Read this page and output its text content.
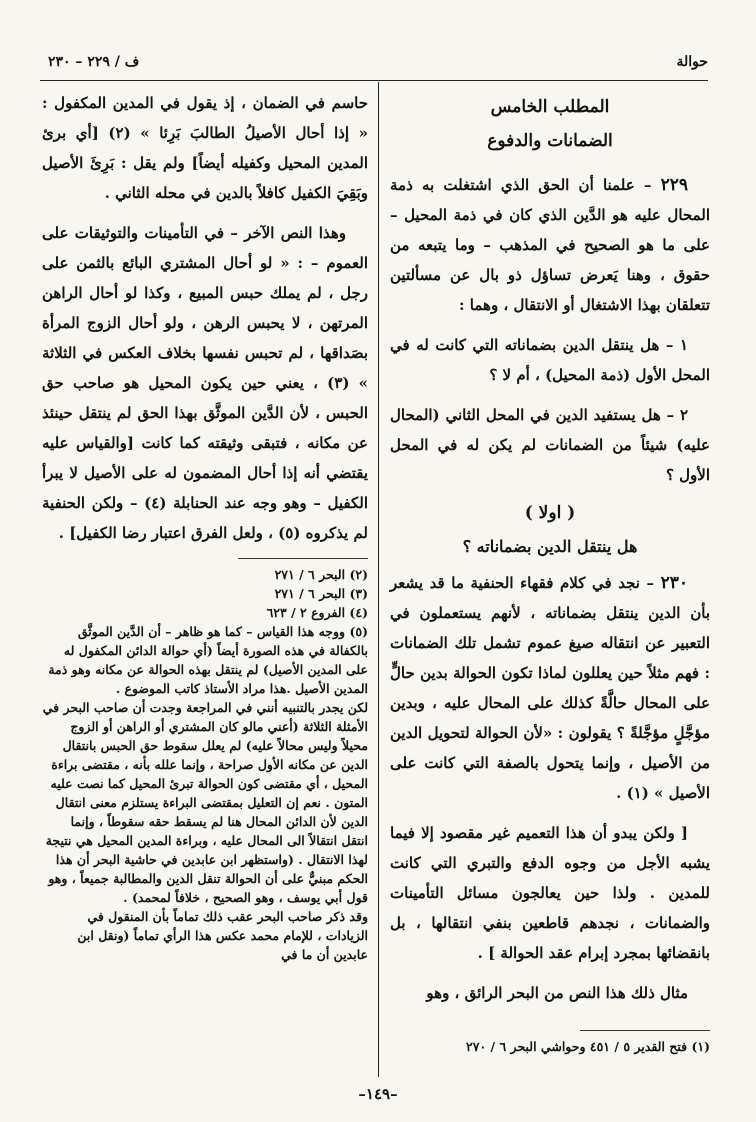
حوالة
ف / ٢٢٩ – ٢٣٠
المطلب الخامس
الضمانات والدفوع

٢٢٩ – علمنا أن الحق الذي اشتغلت به ذمة المحال عليه هو الدَّين الذي كان في ذمة المحيل – على ما هو الصحيح في المذهب – وما يتبعه من حقوق ، وهنا يَعرض تساؤل ذو بال عن مسألتين تتعلقان بهذا الاشتغال أو الانتقال ، وهما :

١ – هل ينتقل الدين بضماناته التي كانت له في المحل الأول (ذمة المحيل) ، أم لا ؟

٢ – هل يستفيد الدين في المحل الثاني (المحال عليه) شيئاً من الضمانات لم يكن له في المحل الأول ؟

( اولا )
هل ينتقل الدين بضماناته ؟

٢٣٠ – نجد في كلام فقهاء الحنفية ما قد يشعر بأن الدين ينتقل بضماناته ، لأنهم يستعملون في التعبير عن انتقاله صيغ عموم تشمل تلك الضمانات : فهم مثلاً حين يعللون لماذا تكون الحوالة بدين حالٍّ على المحال حالَّةً كذلك على المحال عليه ، وبدين مؤجَّلٍ مؤجَّلةً ؟ يقولون : «لأن الحوالة لتحويل الدين من الأصيل ، وإنما يتحول بالصفة التي كانت على الأصيل » (١) .

[ ولكن يبدو أن هذا التعميم غير مقصود إلا فيما يشبه الأجل من وجوه الدفع والتبري التي كانت للمدين . ولذا حين يعالجون مسائل التأمينات والضمانات ، نجدهم قاطعين بنفي انتقالها ، بل بانقضائها بمجرد إبرام عقد الحوالة ] .

مثال ذلك هذا النص من البحر الرائق ، وهو

(١) فتح القدير ٥ / ٤٥١ وحواشي البحر ٦ / ٢٧٠

حاسم في الضمان ، إذ يقول في المدين المكفول : « إذا أحال الأصيلُ الطالبَ بَرِئا » (٢) [أي برئ المدين المحيل وكفيله أيضاً] ولم يقل : بَرِئَ الأصيل وبَقِيَ الكفيل كافلاً بالدين في محله الثاني .

وهذا النص الآخر – في التأمينات والتوثيقات على العموم – : « لو أحال المشتري البائع بالثمن على رجل ، لم يملك حبس المبيع ، وكذا لو أحال الراهن المرتهن ، لا يحبس الرهن ، ولو أحال الزوج المرأة بصَداقها ، لم تحبس نفسها بخلاف العكس في الثلاثة » (٣) ، يعني حين يكون المحيل هو صاحب حق الحبس ، لأن الدَّين الموثَّق بهذا الحق لم ينتقل حينئذ عن مكانه ، فتبقى وثيقته كما كانت [والقياس عليه يقتضي أنه إذا أحال المضمون له على الأصيل لا يبرأ الكفيل – وهو وجه عند الحنابلة (٤) – ولكن الحنفية لم يذكروه (٥) ، ولعل الفرق اعتبار رضا الكفيل] .

(٢) البحر ٦ / ٢٧١
(٣) البحر ٦ / ٢٧١
(٤) الفروع ٢ / ٦٢٣
(٥) ووجه هذا القياس – كما هو ظاهر – أن الدَّين الموثَّق بالكفالة في هذه الصورة أيضاً (أي حوالة الدائن المكفول له على المدين الأصيل) لم ينتقل بهذه الحوالة عن مكانه وهو ذمة المدين الأصيل .هذا مراد الأستاذ كاتب الموضوع .
لكن يجدر بالتنبيه أنني في المراجعة وجدت أن صاحب البحر في الأمثلة الثلاثة (أعني مالو كان المشتري أو الراهن أو الزوج محيلاً وليس محالاً عليه) لم يعلل سقوط حق الحبس بانتقال الدين عن مكانه الأول صراحة ، وإنما علله بأنه ، مقتضى براءة المحيل ، أي مقتضى كون الحوالة تبرئ المحيل كما نصت عليه المتون . نعم إن التعليل بمقتضى البراءة يستلزم معنى انتقال الدين لأن الدائن المحال هنا لم يسقط حقه سقوطاً ، وإنما انتقل انتقالاً الى المحال عليه ، وبراءة المدين المحيل هي نتيجة لهذا الانتقال . (واستظهر ابن عابدين في حاشية البحر أن هذا الحكم مبنيٌّ على أن الحوالة تنقل الدين والمطالبة جميعاً ، وهو قول أبي يوسف ، وهو الصحيح ، خلافاً لمحمد) .
وقد ذكر صاحب البحر عقب ذلك تماماً بأن المنقول في الزيادات ، للإمام محمد عكس هذا الرأي تماماً (ونقل ابن عابدين أن ما في
–١٤٩–
